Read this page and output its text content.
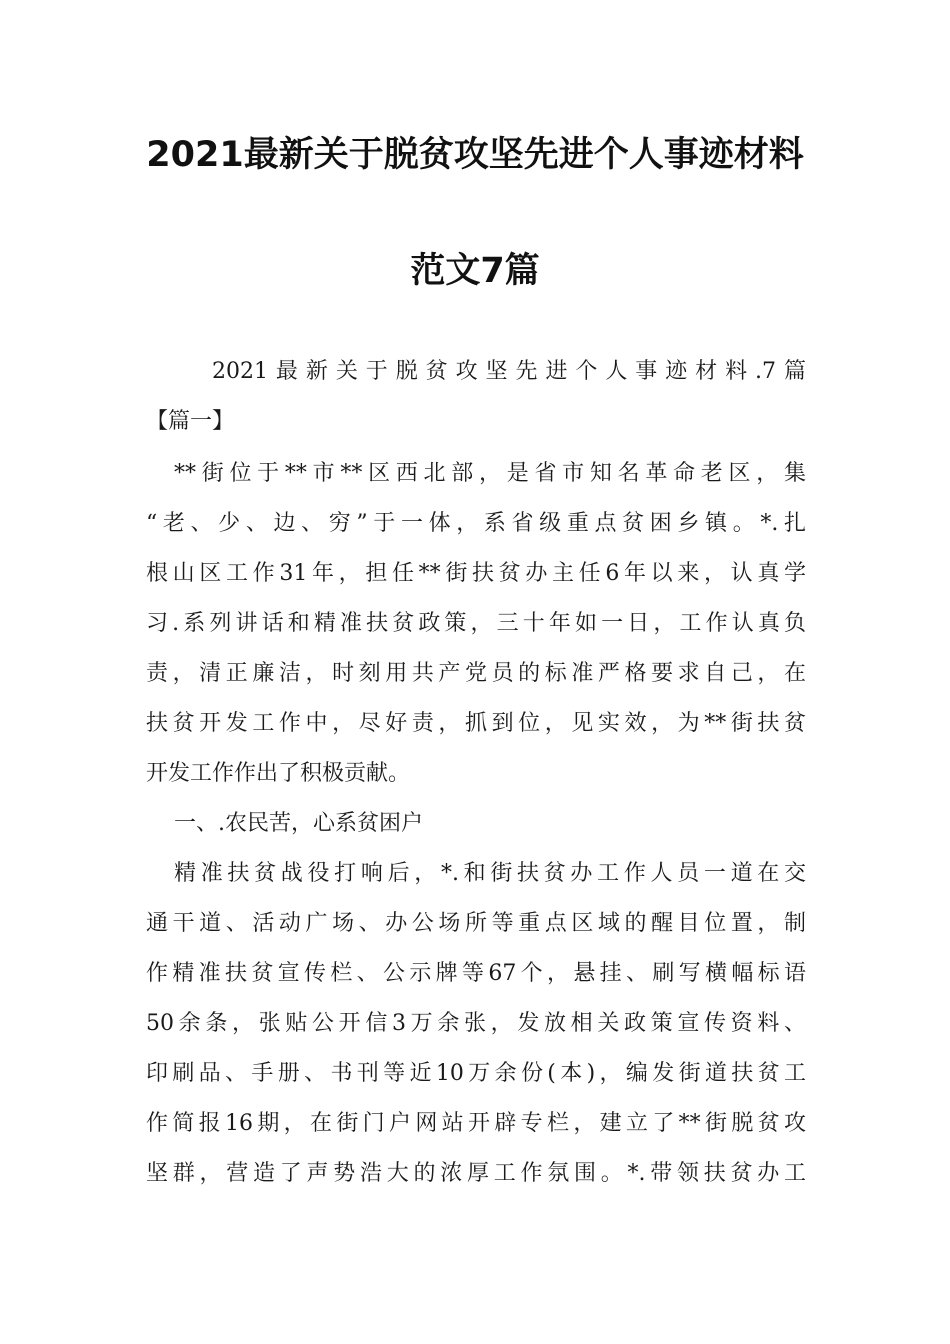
2021最新关于脱贫攻坚先进个人事迹材料
范文7篇
2021最新关于脱贫攻坚先进个人事迹材料.7篇
【篇一】
**街位于**市**区西北部，是省市知名革命老区，集
“老、少、边、穷”于一体，系省级重点贫困乡镇。*.扎
根山区工作31年，担任**街扶贫办主任6年以来，认真学
习.系列讲话和精准扶贫政策，三十年如一日，工作认真负
责，清正廉洁，时刻用共产党员的标准严格要求自己，在
扶贫开发工作中，尽好责，抓到位，见实效，为**街扶贫
开发工作作出了积极贡献。
一、.农民苦，心系贫困户
精准扶贫战役打响后，*.和街扶贫办工作人员一道在交
通干道、活动广场、办公场所等重点区域的醒目位置，制
作精准扶贫宣传栏、公示牌等67个，悬挂、刷写横幅标语
50余条，张贴公开信3万余张，发放相关政策宣传资料、
印刷品、手册、书刊等近10万余份(本)，编发街道扶贫工
作简报16期，在街门户网站开辟专栏，建立了**街脱贫攻
坚群，营造了声势浩大的浓厚工作氛围。*.带领扶贫办工
